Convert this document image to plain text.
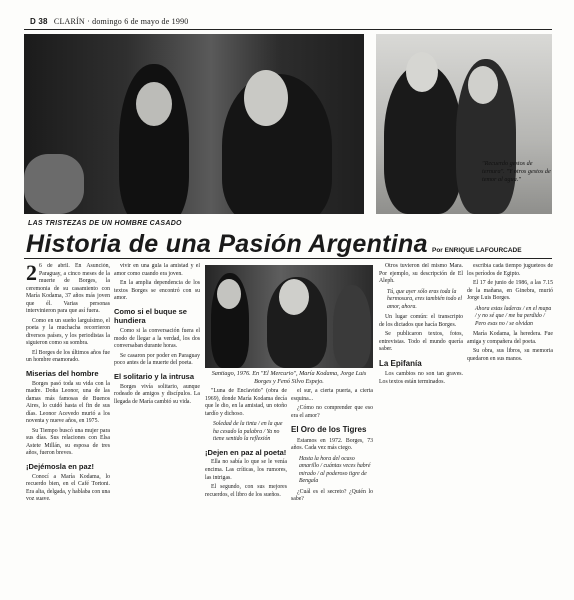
D 38 CLARÍN · domingo 6 de mayo de 1990
"Recuerdo gestos de ternura". "Y otros gestos de temor al agua."
LAS TRISTEZAS DE UN HOMBRE CASADO
Historia de una Pasión Argentina Por ENRIQUE LAFOURCADE
2 6 de abril. En Asunción, Paraguay, a cinco meses de la muerte de Borges, la ceremonia de su casamiento con María Kodama, 37 años más joven que él. Varias personas intervinieron para que así fuera.

Como en un sueño larguísimo, el poeta y la muchacha recorrieron diversos países, y los periodistas la siguieron como su sombra.

El Borges de los últimos años fue un hombre enamorado.

Miserias del hombre

Borges pasó toda su vida con la madre. Doña Leonor, una de las damas más famosas de Buenos Aires, lo cuidó hasta el fin de sus días. Leonor Acevedo murió a los noventa y nueve años, en 1975.

Su Tiempo buscó una mujer para sus días. Sus relaciones con Elsa Astete Millán, su esposa de tres años, fueron breves.

¡Dejémosla en paz!

Conocí a María Kodama, lo recuerdo bien, en el Café Tortoni. Era alta, delgada, y hablaba con una voz suave.

vivir en una gula la amistad y el amor como cuando era joven.

En la amplia dependencia de los textos Borges se encontró con su amor.

Como si el buque se hundiera

Como si la conversación fuera el modo de llegar a la verdad, los dos conversaban durante horas.

Se casaron por poder en Paraguay poco antes de la muerte del poeta.

El solitario y la intrusa

Borges vivía solitario, aunque rodeado de amigos y discípulos. La llegada de María cambió su vida.

Santiago, 1976. En "El Mercurio", María Kodama, Jorge Luis Borges y Fenó Silvo Espejo.

"Luna de Enclavido" (obra de 1969), donde María Kodama decía que le dio, en la amistad, un otoño tardío y dichoso.

Soledad de la tinta / en la que ha cesado la palabra / Ya no tiene sentido la reflexión
¡Dejen en paz al poeta!

Ella no sabía lo que se le venía encima. Las críticas, los rumores, las intrigas.

El segundo, con sus mejores recuerdos, el libro de los sueños.

el sur, a cierta puerta, a cierta esquina...

¿Cómo no comprender que eso era el amor?

El Oro de los Tigres

Estamos en 1972. Borges, 73 años. Cada vez más ciego.

Hasta la hora del ocaso amarillo / cuántas veces habré mirado / al poderoso tigre de Bengala

¿Cuál es el secreto? ¿Quién lo sabe?

Otros tuvieron del mismo Mara. Por ejemplo, su descripción de El Aleph.

Tú, que ayer sólo eras toda la hermosura, eres también todo el amor, ahora.

Un lugar común: el transcripto de los dictados que hacía Borges.

Se publicaron textos, fotos, entrevistas. Todo el mundo quería saber.

La Epifanía

Los cambios no son tan graves. Los textos están terminados.

escribía cada tiempo jugueteos de los períodos de Egipto.

El 17 de junio de 1986, a las 7.15 de la mañana, en Ginebra, murió Jorge Luis Borges.

Ahora estas laderas / en el mapa / y no sé que / me ha perdido / Pero esas no / se olvidan

María Kodama, la heredera. Fue amiga y compañera del poeta.

Su obra, sus libros, su memoria quedaron en sus manos.
